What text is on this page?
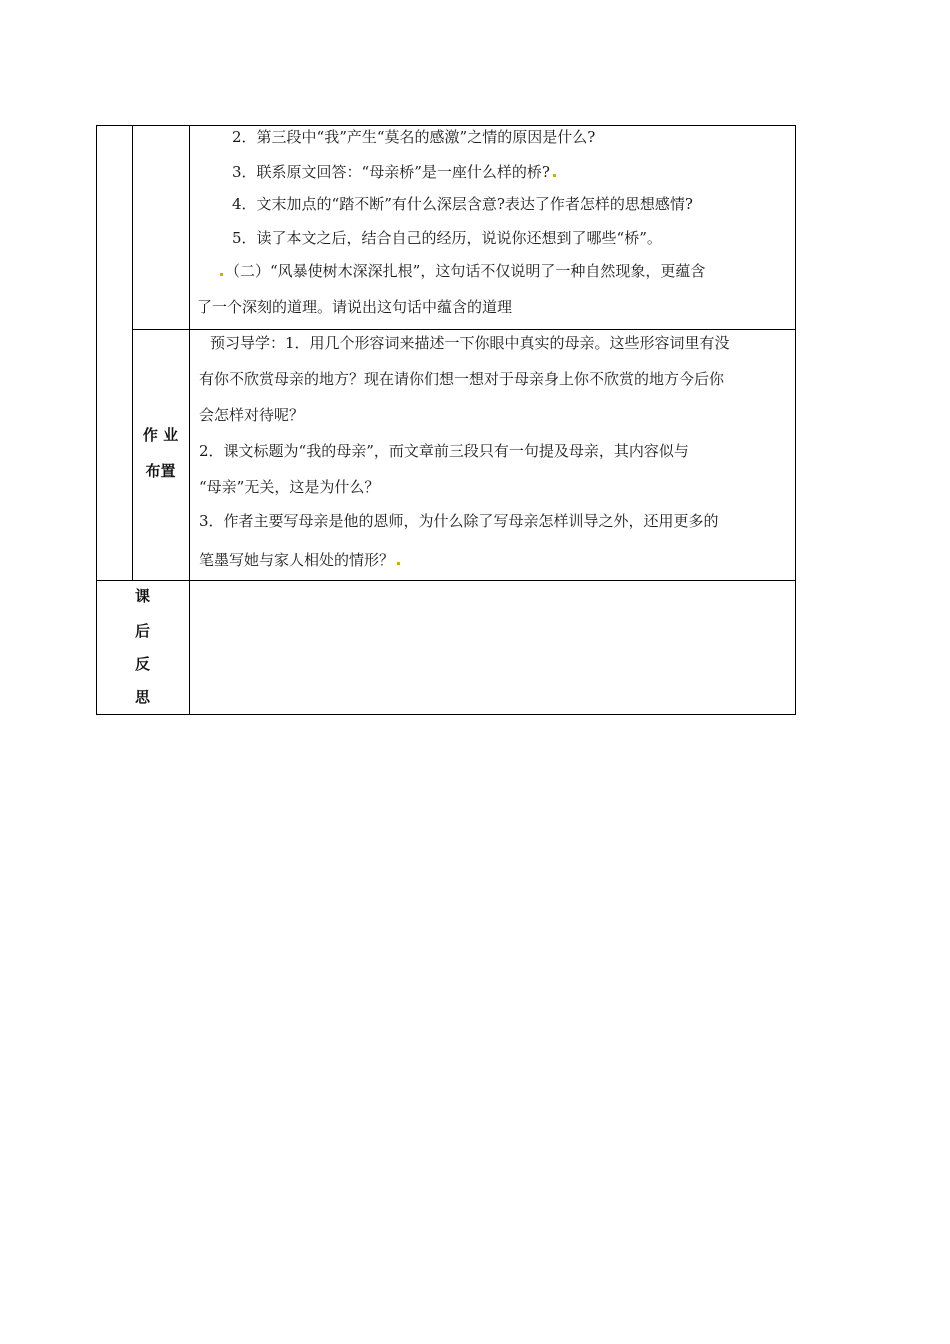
2．第三段中“我”产生“莫名的感激”之情的原因是什么?
3．联系原文回答：“母亲桥”是一座什么样的桥?
4．文末加点的“踏不断”有什么深层含意?表达了作者怎样的思想感情?
5．读了本文之后，结合自己的经历，说说你还想到了哪些“桥”。
（二）“风暴使树木深深扎根”，这句话不仅说明了一种自然现象，更蕴含
了一个深刻的道理。请说出这句话中蕴含的道理
作 业
布置
预习导学：1．用几个形容词来描述一下你眼中真实的母亲。这些形容词里有没
有你不欣赏母亲的地方？现在请你们想一想对于母亲身上你不欣赏的地方今后你
会怎样对待呢？
2．课文标题为“我的母亲”，而文章前三段只有一句提及母亲，其内容似与
“母亲”无关，这是为什么？
3．作者主要写母亲是他的恩师，为什么除了写母亲怎样训导之外，还用更多的
笔墨写她与家人相处的情形？
课
后
反
思
